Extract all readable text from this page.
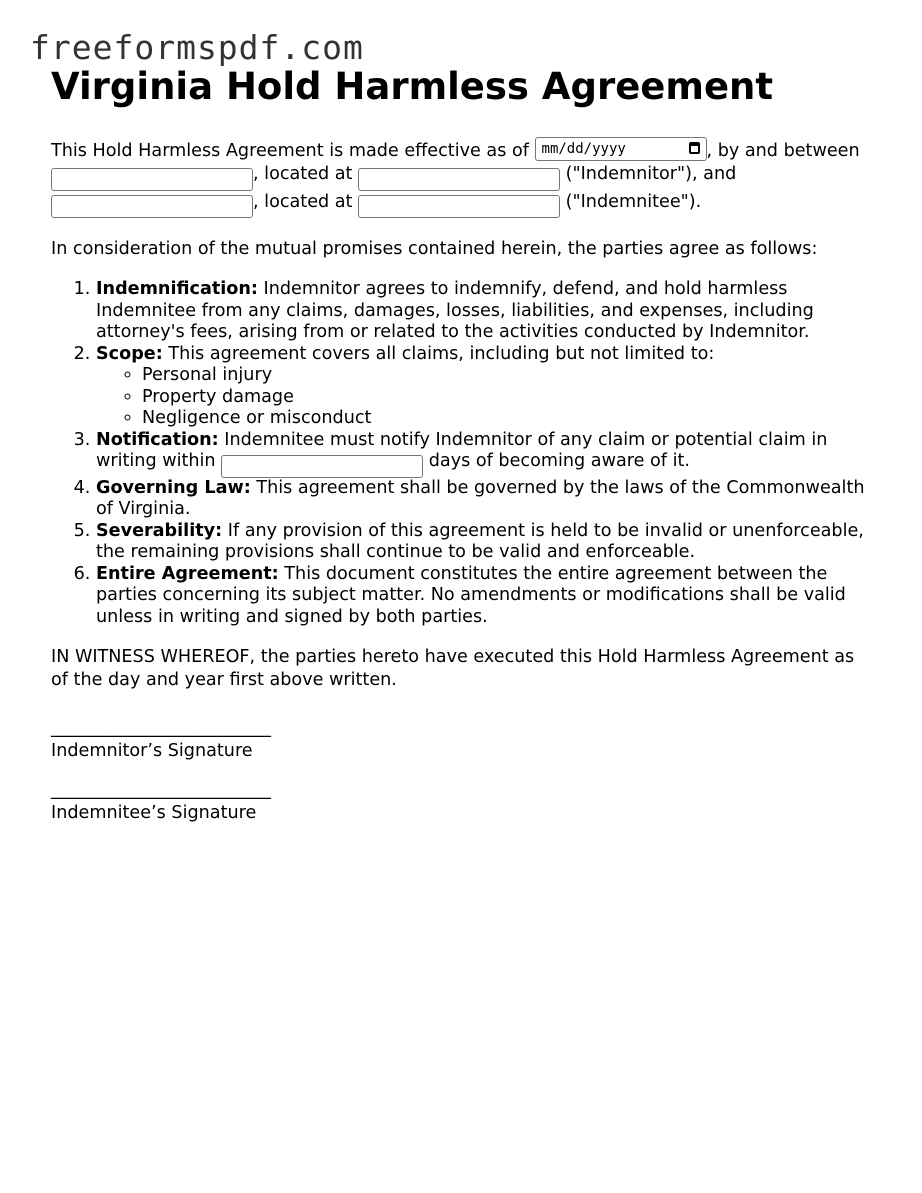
freeformspdf.com
Virginia Hold Harmless Agreement

This Hold Harmless Agreement is made effective as of mm/dd/yyyy	, by and between , located at	("Indemnitor"), and , located at	("Indemnitee").

In consideration of the mutual promises contained herein, the parties agree as follows:

1. Indemnification: Indemnitor agrees to indemnify, defend, and hold harmless Indemnitee from any claims, damages, losses, liabilities, and expenses, including attorney's fees, arising from or related to the activities conducted by Indemnitor.
2. Scope: This agreement covers all claims, including but not limited to:
◦ Personal injury
◦ Property damage
◦ Negligence or misconduct
3. Notification: Indemnitee must notify Indemnitor of any claim or potential claim in writing within	days of becoming aware of it.
4. Governing Law: This agreement shall be governed by the laws of the Commonwealth of Virginia.
5. Severability: If any provision of this agreement is held to be invalid or unenforceable, the remaining provisions shall continue to be valid and enforceable.
6. Entire Agreement: This document constitutes the entire agreement between the parties concerning its subject matter. No amendments or modifications shall be valid unless in writing and signed by both parties.

IN WITNESS WHEREOF, the parties hereto have executed this Hold Harmless Agreement as of the day and year first above written.

_________________________
Indemnitor’s Signature
_________________________
Indemnitee’s Signature
